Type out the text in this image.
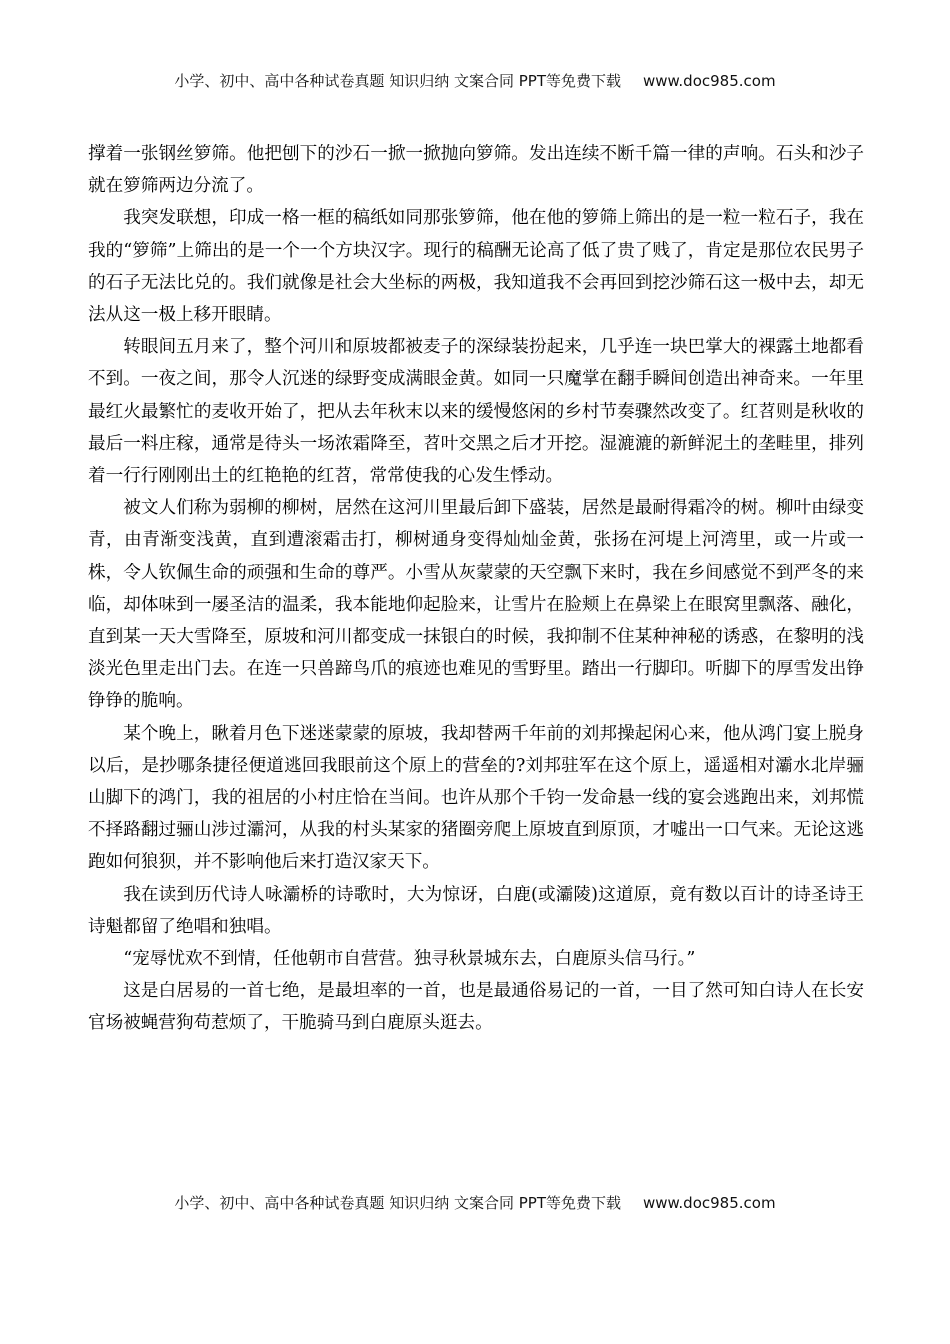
小学、初中、高中各种试卷真题 知识归纳 文案合同 PPT等免费下载 www.doc985.com

撑着一张钢丝箩筛。他把刨下的沙石一掀一掀抛向箩筛。发出连续不断千篇一律的声响。石头和沙子就在箩筛两边分流了。

我突发联想，印成一格一框的稿纸如同那张箩筛，他在他的箩筛上筛出的是一粒一粒石子，我在我的“箩筛”上筛出的是一个一个方块汉字。现行的稿酬无论高了低了贵了贱了，肯定是那位农民男子的石子无法比兑的。我们就像是社会大坐标的两极，我知道我不会再回到挖沙筛石这一极中去，却无法从这一极上移开眼睛。

转眼间五月来了，整个河川和原坡都被麦子的深绿装扮起来，几乎连一块巴掌大的裸露土地都看不到。一夜之间，那令人沉迷的绿野变成满眼金黄。如同一只魔掌在翻手瞬间创造出神奇来。一年里最红火最繁忙的麦收开始了，把从去年秋末以来的缓慢悠闲的乡村节奏骤然改变了。红苕则是秋收的最后一料庄稼，通常是待头一场浓霜降至，苕叶交黑之后才开挖。湿漉漉的新鲜泥土的垄畦里，排列着一行行刚刚出土的红艳艳的红苕，常常使我的心发生悸动。

被文人们称为弱柳的柳树，居然在这河川里最后卸下盛装，居然是最耐得霜冷的树。柳叶由绿变青，由青渐变浅黄，直到遭滚霜击打，柳树通身变得灿灿金黄，张扬在河堤上河湾里，或一片或一株，令人钦佩生命的顽强和生命的尊严。小雪从灰蒙蒙的天空飘下来时，我在乡间感觉不到严冬的来临，却体味到一屡圣洁的温柔，我本能地仰起脸来，让雪片在脸颊上在鼻梁上在眼窝里飘落、融化，直到某一天大雪降至，原坡和河川都变成一抹银白的时候，我抑制不住某种神秘的诱惑，在黎明的浅淡光色里走出门去。在连一只兽蹄鸟爪的痕迹也难见的雪野里。踏出一行脚印。听脚下的厚雪发出铮铮铮的脆响。

某个晚上，瞅着月色下迷迷蒙蒙的原坡，我却替两千年前的刘邦操起闲心来，他从鸿门宴上脱身以后，是抄哪条捷径便道逃回我眼前这个原上的营垒的?刘邦驻军在这个原上，遥遥相对灞水北岸骊山脚下的鸿门，我的祖居的小村庄恰在当间。也许从那个千钧一发命悬一线的宴会逃跑出来，刘邦慌不择路翻过骊山涉过灞河，从我的村头某家的猪圈旁爬上原坡直到原顶，才嘘出一口气来。无论这逃跑如何狼狈，并不影响他后来打造汉家天下。

我在读到历代诗人咏灞桥的诗歌时，大为惊讶，白鹿(或灞陵)这道原，竟有数以百计的诗圣诗王诗魁都留了绝唱和独唱。

“宠辱忧欢不到情，任他朝市自营营。独寻秋景城东去，白鹿原头信马行。”

这是白居易的一首七绝，是最坦率的一首，也是最通俗易记的一首，一目了然可知白诗人在长安官场被蝇营狗苟惹烦了，干脆骑马到白鹿原头逛去。

小学、初中、高中各种试卷真题 知识归纳 文案合同 PPT等免费下载 www.doc985.com
